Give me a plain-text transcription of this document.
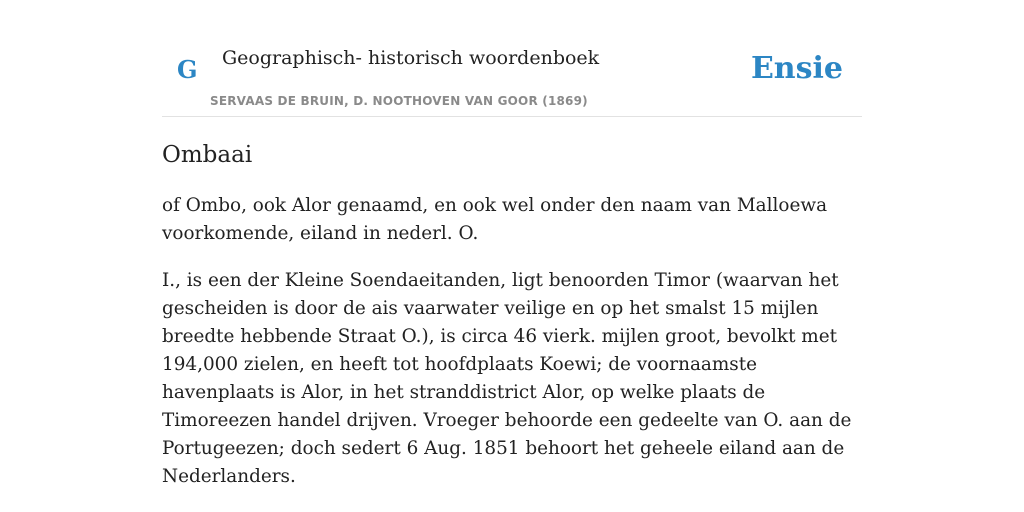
G Geographisch- historisch woordenboek
SERVAAS DE BRUIN, D. NOOTHOVEN VAN GOOR (1869)
Ensie
Ombaai

of Ombo, ook Alor genaamd, en ook wel onder den naam van Malloewa voorkomende, eiland in nederl. O.

I., is een der Kleine Soendaeitanden, ligt benoorden Timor (waarvan het gescheiden is door de ais vaarwater veilige en op het smalst 15 mijlen breedte hebbende Straat O.), is circa 46 vierk. mijlen groot, bevolkt met 194,000 zielen, en heeft tot hoofdplaats Koewi; de voornaamste havenplaats is Alor, in het stranddistrict Alor, op welke plaats de Timoreezen handel drijven. Vroeger behoorde een gedeelte van O. aan de Portugeezen; doch sedert 6 Aug. 1851 behoort het geheele eiland aan de Nederlanders.
